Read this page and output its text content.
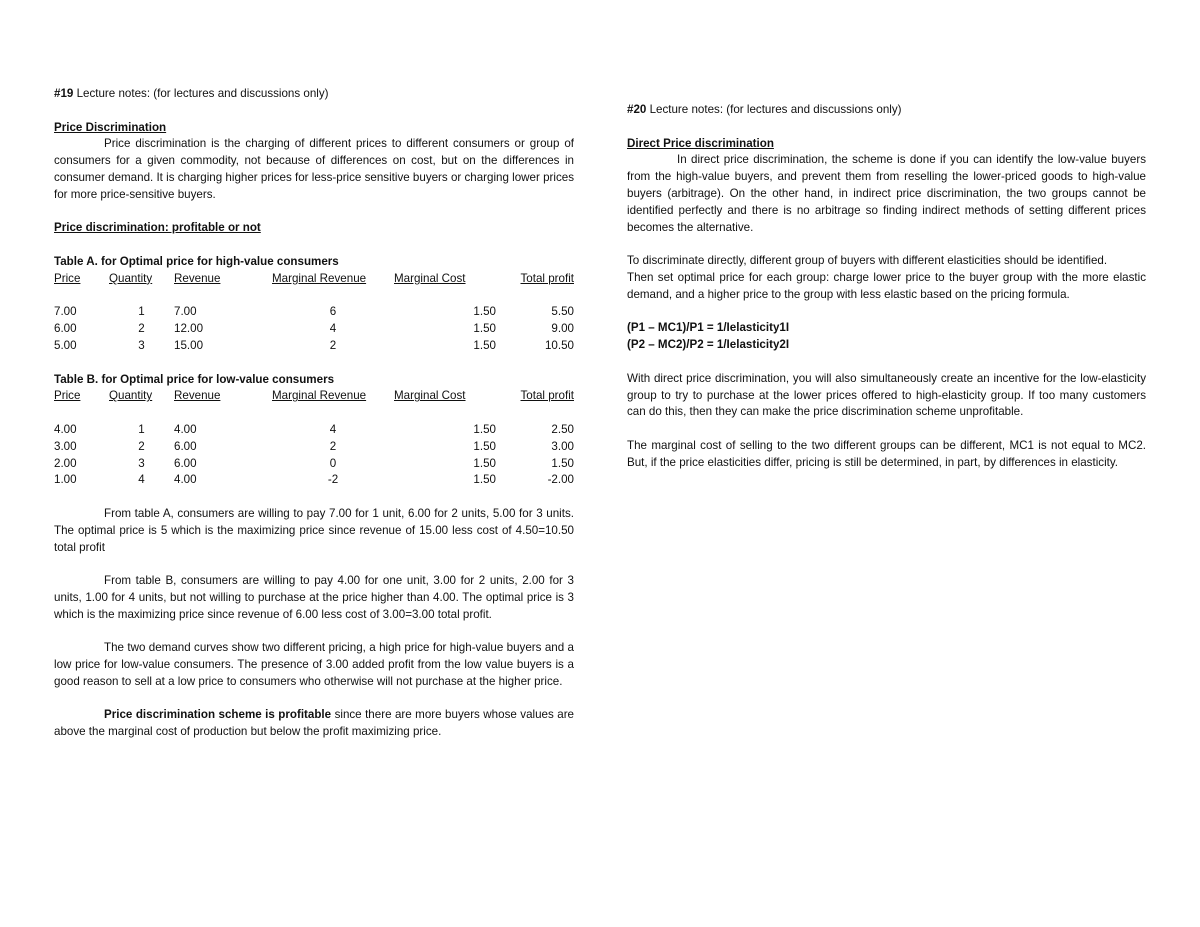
#19 Lecture notes: (for lectures and discussions only)

Price Discrimination

Price discrimination is the charging of different prices to different consumers or group of consumers for a given commodity, not because of differences on cost, but on the differences in consumer demand. It is charging higher prices for less-price sensitive buyers or charging lower prices for more price-sensitive buyers.

Price discrimination: profitable or not

Table A. for Optimal price for high-value consumers

Price	Quantity	Revenue	Marginal Revenue	Marginal Cost	Total profit

7.00	1	7.00	6	1.50	5.50
6.00	2	12.00	4	1.50	9.00
5.00	3	15.00	2	1.50	10.50

Table B. for Optimal price for low-value consumers

Price	Quantity	Revenue	Marginal Revenue	Marginal Cost	Total profit

4.00	1	4.00	4	1.50	2.50
3.00	2	6.00	2	1.50	3.00
2.00	3	6.00	0	1.50	1.50
1.00	4	4.00	-2	1.50	-2.00

From table A, consumers are willing to pay 7.00 for 1 unit, 6.00 for 2 units, 5.00 for 3 units. The optimal price is 5 which is the maximizing price since revenue of 15.00 less cost of 4.50=10.50 total profit

From table B, consumers are willing to pay 4.00 for one unit, 3.00 for 2 units, 2.00 for 3 units, 1.00 for 4 units, but not willing to purchase at the price higher than 4.00. The optimal price is 3 which is the maximizing price since revenue of 6.00 less cost of 3.00=3.00 total profit.

The two demand curves show two different pricing, a high price for high-value buyers and a low price for low-value consumers. The presence of 3.00 added profit from the low value buyers is a good reason to sell at a low price to consumers who otherwise will not purchase at the higher price.

Price discrimination scheme is profitable since there are more buyers whose values are above the marginal cost of production but below the profit maximizing price.

#20 Lecture notes: (for lectures and discussions only)

Direct Price discrimination

In direct price discrimination, the scheme is done if you can identify the low-value buyers from the high-value buyers, and prevent them from reselling the lower-priced goods to high-value buyers (arbitrage). On the other hand, in indirect price discrimination, the two groups cannot be identified perfectly and there is no arbitrage so finding indirect methods of setting different prices becomes the alternative.

To discriminate directly, different group of buyers with different elasticities should be identified.

Then set optimal price for each group: charge lower price to the buyer group with the more elastic demand, and a higher price to the group with less elastic based on the pricing formula.

(P1 – MC1)/P1 = 1/Ielasticity1I

(P2 – MC2)/P2 = 1/Ielasticity2I

With direct price discrimination, you will also simultaneously create an incentive for the low-elasticity group to try to purchase at the lower prices offered to high-elasticity group. If too many customers can do this, then they can make the price discrimination scheme unprofitable.

The marginal cost of selling to the two different groups can be different, MC1 is not equal to MC2. But, if the price elasticities differ, pricing is still be determined, in part, by differences in elasticity.
